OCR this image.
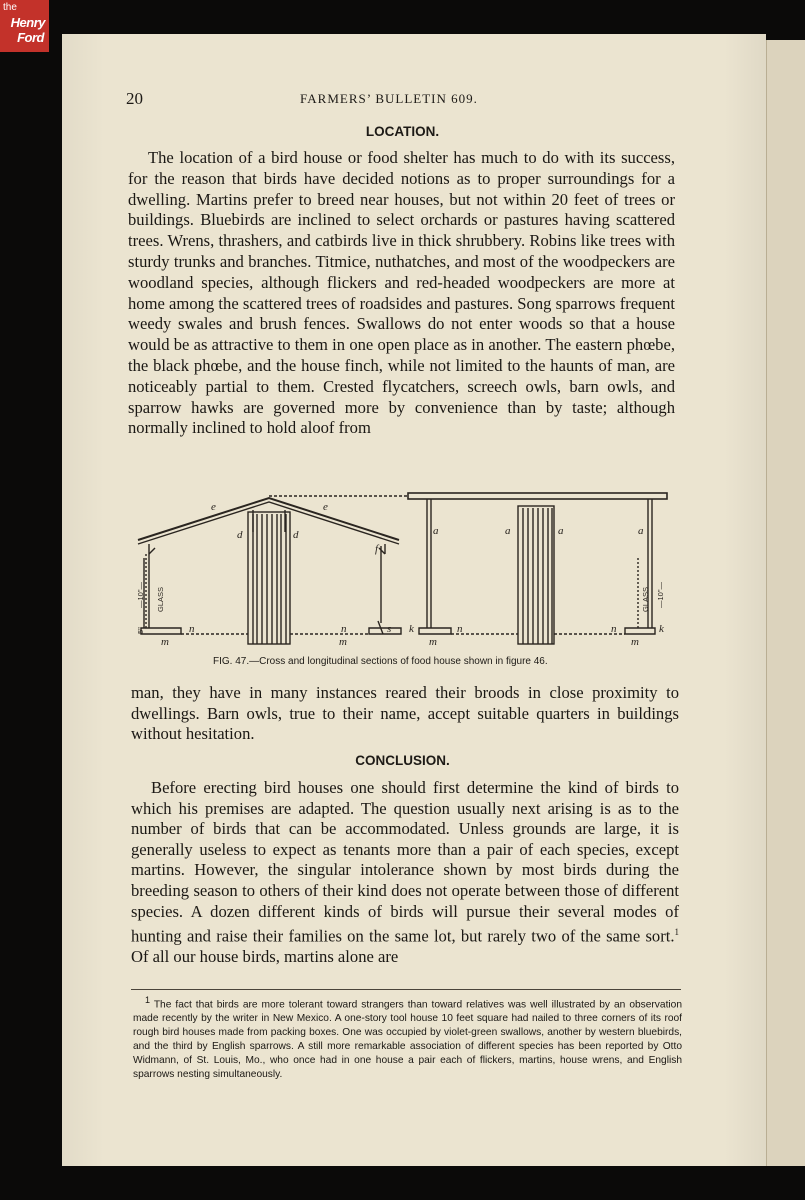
the
Henry
Ford
20	FARMERS’ BULLETIN 609.
LOCATION.

The location of a bird house or food shelter has much to do with its success, for the reason that birds have decided notions as to proper surroundings for a dwelling. Martins prefer to breed near houses, but not within 20 feet of trees or buildings. Bluebirds are inclined to select orchards or pastures having scattered trees. Wrens, thrashers, and catbirds live in thick shrubbery. Robins like trees with sturdy trunks and branches. Titmice, nuthatches, and most of the woodpeckers are woodland species, although flickers and red-headed woodpeckers are more at home among the scattered trees of roadsides and pastures. Song sparrows frequent weedy swales and brush fences. Swallows do not enter woods so that a house would be as attractive to them in one open place as in another. The eastern phœbe, the black phœbe, and the house finch, while not limited to the haunts of man, are noticeably partial to them. Crested flycatchers, screech owls, barn owls, and sparrow hawks are governed more by convenience than by taste; although normally inclined to hold aloof from

e	e
d	d
f
a	a	a	a
m	m	m	m
n	n	n	n
s k	k
GLASS
—10"—
5"
GLASS —10"—
FIG. 47.—Cross and longitudinal sections of food house shown in figure 46.

man, they have in many instances reared their broods in close proximity to dwellings. Barn owls, true to their name, accept suitable quarters in buildings without hesitation.

CONCLUSION.

Before erecting bird houses one should first determine the kind of birds to which his premises are adapted. The question usually next arising is as to the number of birds that can be accommodated. Unless grounds are large, it is generally useless to expect as tenants more than a pair of each species, except martins. However, the singular intolerance shown by most birds during the breeding season to others of their kind does not operate between those of different species. A dozen different kinds of birds will pursue their several modes of hunting and raise their families on the same lot, but rarely two of the same sort.$^1$ Of all our house birds, martins alone are

$^1$ The fact that birds are more tolerant toward strangers than toward relatives was well illustrated by an observation made recently by the writer in New Mexico. A one-story tool house 10 feet square had nailed to three corners of its roof rough bird houses made from packing boxes. One was occupied by violet-green swallows, another by western bluebirds, and the third by English sparrows. A still more remarkable association of different species has been reported by Otto Widmann, of St. Louis, Mo., who once had in one house a pair each of flickers, martins, house wrens, and English sparrows nesting simultaneously.
